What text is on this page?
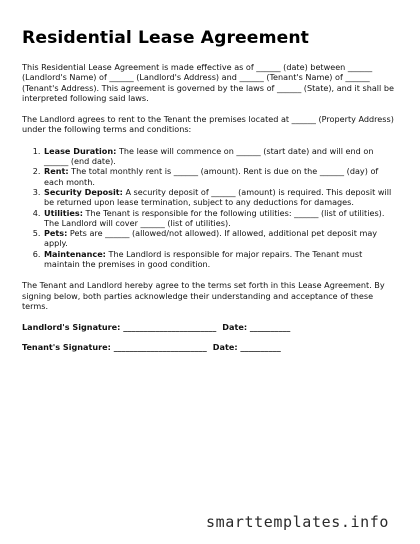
Residential Lease Agreement

This Residential Lease Agreement is made effective as of ______ (date) between ______ (Landlord's Name) of ______ (Landlord's Address) and ______ (Tenant's Name) of ______ (Tenant's Address). This agreement is governed by the laws of ______ (State), and it shall be interpreted following said laws.

The Landlord agrees to rent to the Tenant the premises located at ______ (Property Address) under the following terms and conditions:

1. Lease Duration: The lease will commence on ______ (start date) and will end on ______ (end date).
2. Rent: The total monthly rent is ______ (amount). Rent is due on the ______ (day) of each month.
3. Security Deposit: A security deposit of ______ (amount) is required. This deposit will be returned upon lease termination, subject to any deductions for damages.
4. Utilities: The Tenant is responsible for the following utilities: ______ (list of utilities). The Landlord will cover ______ (list of utilities).
5. Pets: Pets are ______ (allowed/not allowed). If allowed, additional pet deposit may apply.
6. Maintenance: The Landlord is responsible for major repairs. The Tenant must maintain the premises in good condition.

The Tenant and Landlord hereby agree to the terms set forth in this Lease Agreement. By signing below, both parties acknowledge their understanding and acceptance of these terms.

Landlord's Signature: _______________________ Date: __________
Tenant's Signature: _______________________ Date: __________
smarttemplates.info
